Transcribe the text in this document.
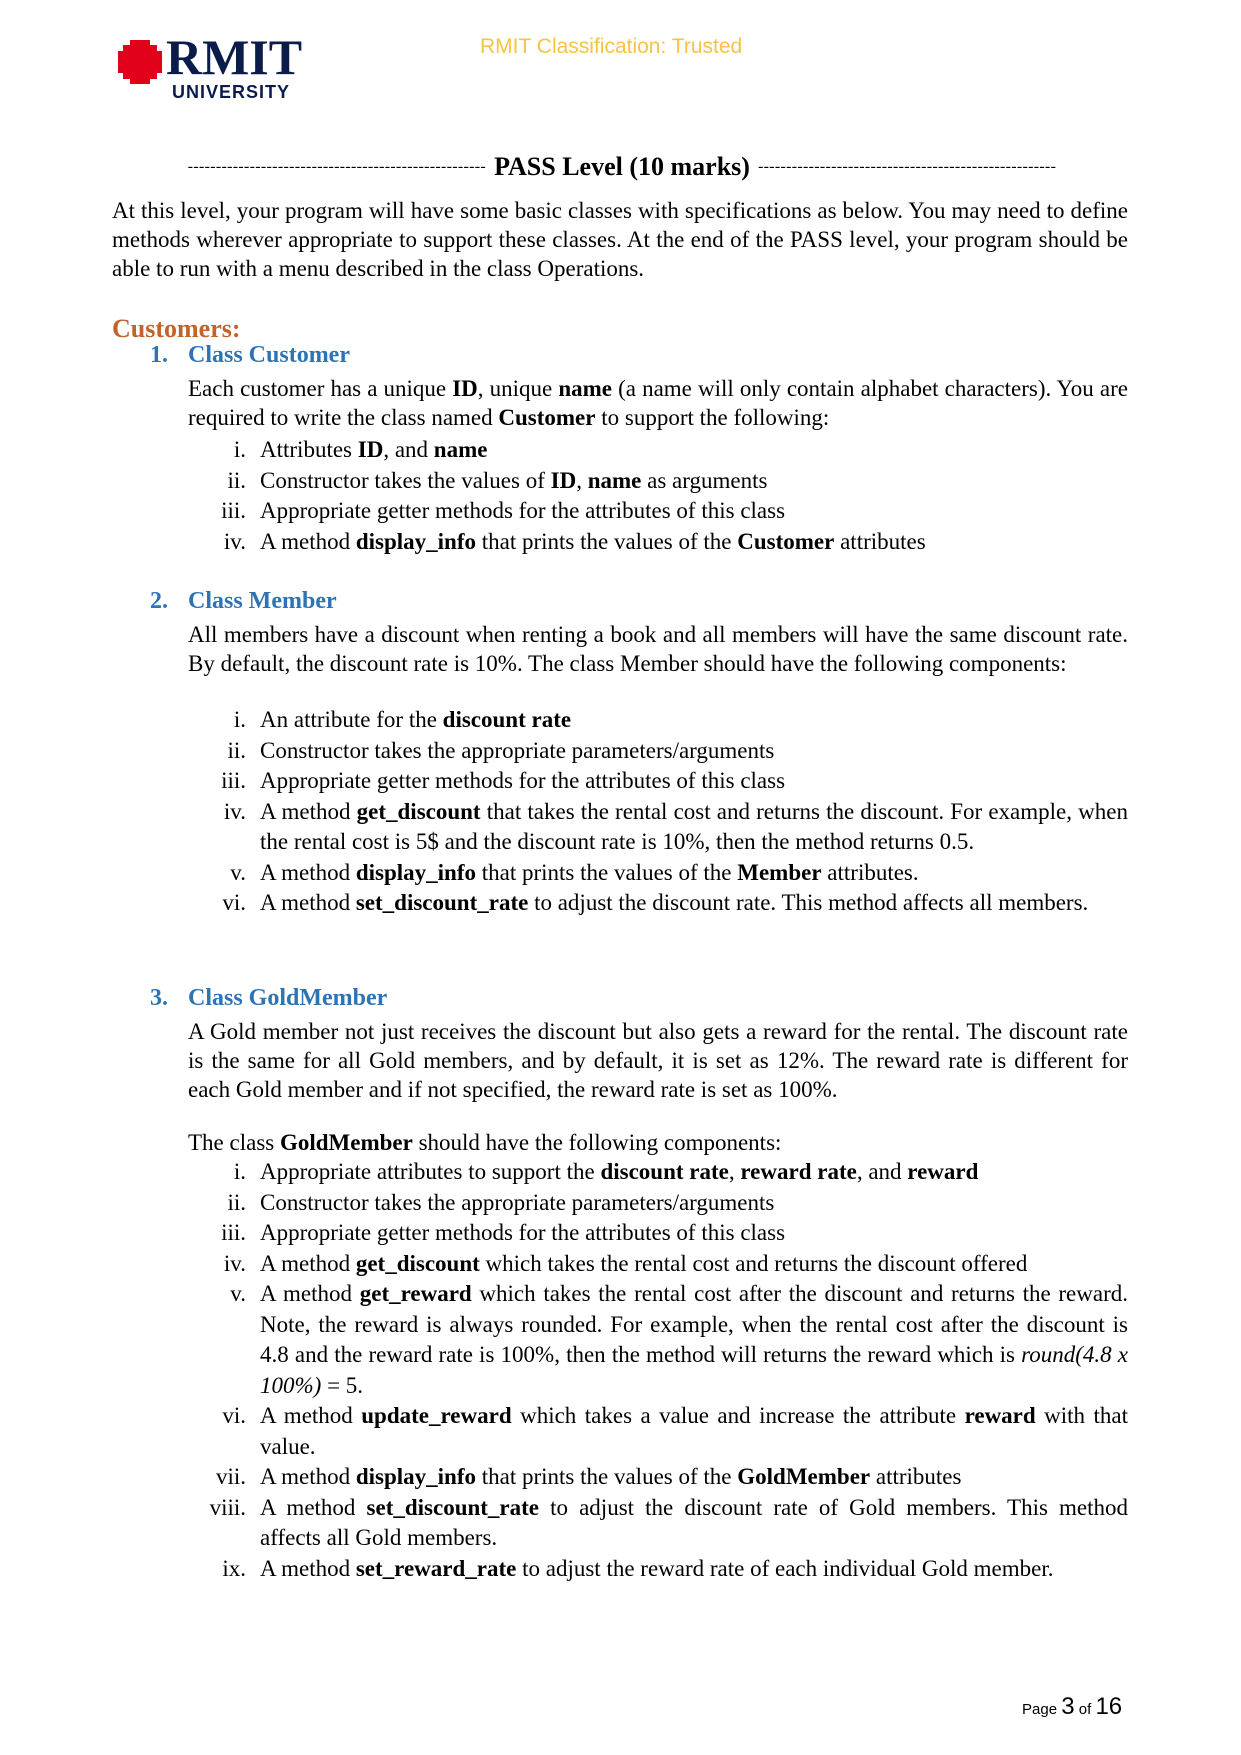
RMIT
UNIVERSITY
RMIT Classification: Trusted
----------------------------------------------------- PASS Level (10 marks) -----------------------------------------------------
At this level, your program will have some basic classes with specifications as below. You may need to define methods wherever appropriate to support these classes. At the end of the PASS level, your program should be able to run with a menu described in the class Operations.
Customers:
1. Class Customer
Each customer has a unique ID, unique name (a name will only contain alphabet characters). You are required to write the class named Customer to support the following:
i. Attributes ID, and name
ii. Constructor takes the values of ID, name as arguments
iii. Appropriate getter methods for the attributes of this class
iv. A method display_info that prints the values of the Customer attributes
2. Class Member
All members have a discount when renting a book and all members will have the same discount rate. By default, the discount rate is 10%. The class Member should have the following components:
i. An attribute for the discount rate
ii. Constructor takes the appropriate parameters/arguments
iii. Appropriate getter methods for the attributes of this class
iv. A method get_discount that takes the rental cost and returns the discount. For example, when the rental cost is 5$ and the discount rate is 10%, then the method returns 0.5.
v. A method display_info that prints the values of the Member attributes.
vi. A method set_discount_rate to adjust the discount rate. This method affects all members.
3. Class GoldMember
A Gold member not just receives the discount but also gets a reward for the rental. The discount rate is the same for all Gold members, and by default, it is set as 12%. The reward rate is different for each Gold member and if not specified, the reward rate is set as 100%.
The class GoldMember should have the following components:
i. Appropriate attributes to support the discount rate, reward rate, and reward
ii. Constructor takes the appropriate parameters/arguments
iii. Appropriate getter methods for the attributes of this class
iv. A method get_discount which takes the rental cost and returns the discount offered
v. A method get_reward which takes the rental cost after the discount and returns the reward. Note, the reward is always rounded. For example, when the rental cost after the discount is 4.8 and the reward rate is 100%, then the method will returns the reward which is round(4.8 x 100%) = 5.
vi. A method update_reward which takes a value and increase the attribute reward with that value.
vii. A method display_info that prints the values of the GoldMember attributes
viii. A method set_discount_rate to adjust the discount rate of Gold members. This method affects all Gold members.
ix. A method set_reward_rate to adjust the reward rate of each individual Gold member.
Page 3 of 16
